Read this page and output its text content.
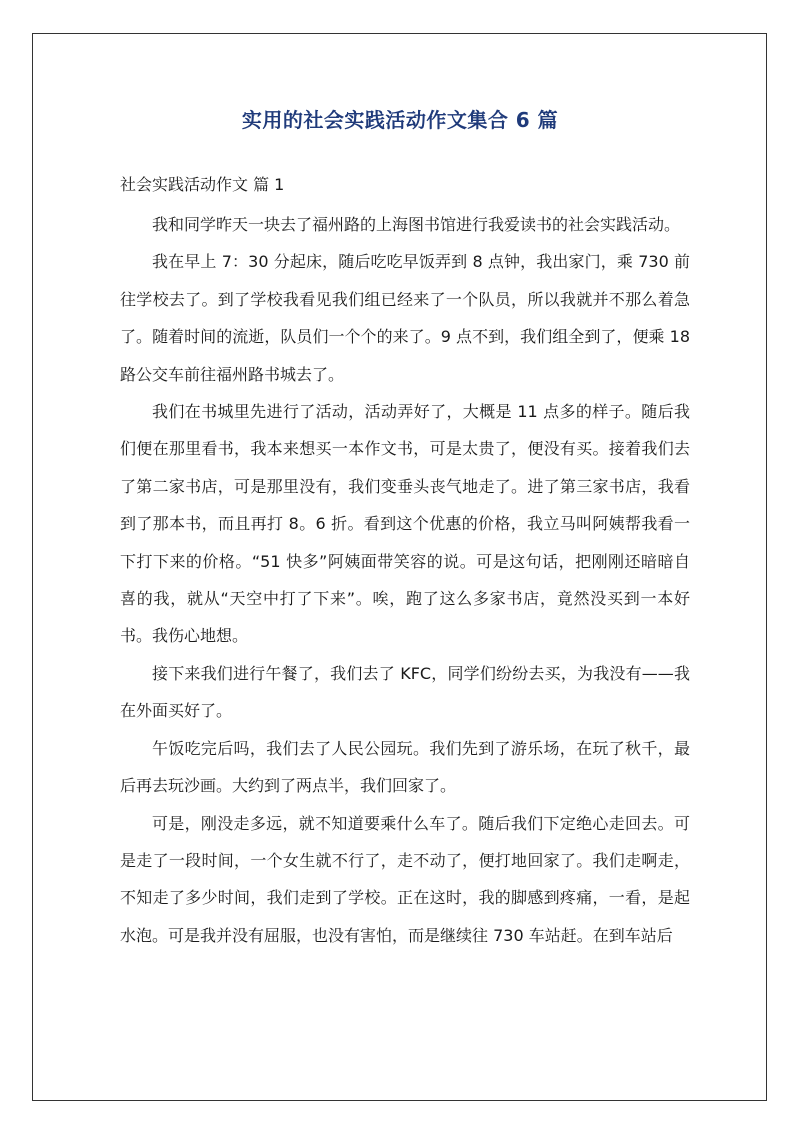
实用的社会实践活动作文集合 6 篇
社会实践活动作文 篇 1

我和同学昨天一块去了福州路的上海图书馆进行我爱读书的社会实践活动。

我在早上 7：30 分起床，随后吃吃早饭弄到 8 点钟，我出家门，乘 730 前往学校去了。到了学校我看见我们组已经来了一个队员，所以我就并不那么着急了。随着时间的流逝，队员们一个个的来了。9 点不到，我们组全到了，便乘 18 路公交车前往福州路书城去了。

我们在书城里先进行了活动，活动弄好了，大概是 11 点多的样子。随后我们便在那里看书，我本来想买一本作文书，可是太贵了，便没有买。接着我们去了第二家书店，可是那里没有，我们变垂头丧气地走了。进了第三家书店，我看到了那本书，而且再打 8。6 折。看到这个优惠的价格，我立马叫阿姨帮我看一下打下来的价格。“51 快多”阿姨面带笑容的说。可是这句话，把刚刚还暗暗自喜的我，就从“天空中打了下来”。唉，跑了这么多家书店，竟然没买到一本好书。我伤心地想。

接下来我们进行午餐了，我们去了 KFC，同学们纷纷去买，为我没有——我在外面买好了。

午饭吃完后吗，我们去了人民公园玩。我们先到了游乐场，在玩了秋千，最后再去玩沙画。大约到了两点半，我们回家了。

可是，刚没走多远，就不知道要乘什么车了。随后我们下定绝心走回去。可是走了一段时间，一个女生就不行了，走不动了，便打地回家了。我们走啊走，不知走了多少时间，我们走到了学校。正在这时，我的脚感到疼痛，一看，是起水泡。可是我并没有屈服，也没有害怕，而是继续往 730 车站赶。在到车站后
